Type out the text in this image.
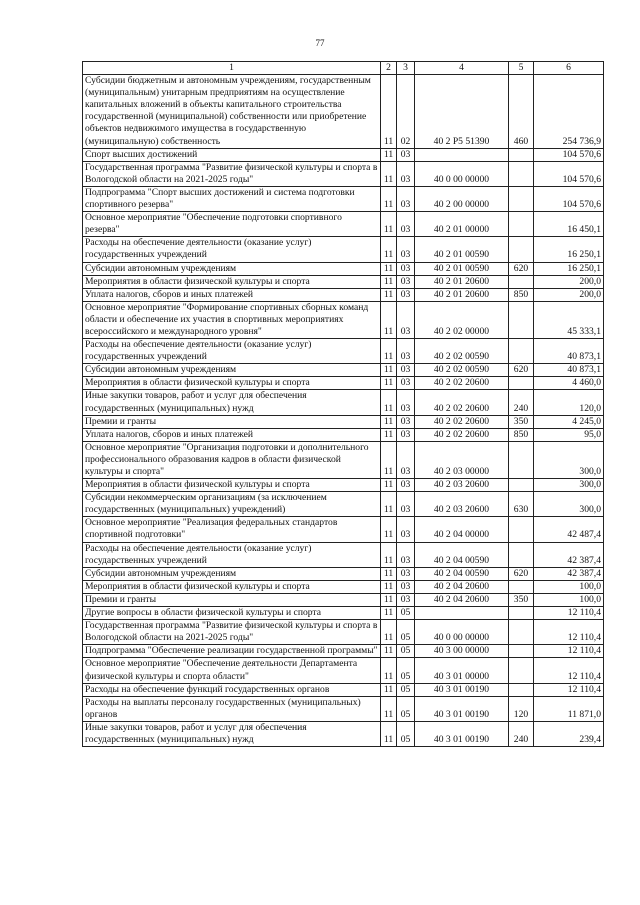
77
1	2	3	4	5	6
Субсидии бюджетным и автономным учреждениям, государственным (муниципальным) унитарным предприятиям на осуществление капитальных вложений в объекты капитального строительства государственной (муниципальной) собственности или приобретение объектов недвижимого имущества в государственную (муниципальную) собственность	11	02	40 2 Р5 51390	460	254 736,9
Спорт высших достижений	11	03			104 570,6
Государственная программа "Развитие физической культуры и спорта в Вологодской области на 2021-2025 годы"	11	03	40 0 00 00000		104 570,6
Подпрограмма "Спорт высших достижений и система подготовки спортивного резерва"	11	03	40 2 00 00000		104 570,6
Основное мероприятие "Обеспечение подготовки спортивного резерва"	11	03	40 2 01 00000		16 450,1
Расходы на обеспечение деятельности (оказание услуг) государственных учреждений	11	03	40 2 01 00590		16 250,1
Субсидии автономным учреждениям	11	03	40 2 01 00590	620	16 250,1
Мероприятия в области физической культуры и спорта	11	03	40 2 01 20600		200,0
Уплата налогов, сборов и иных платежей	11	03	40 2 01 20600	850	200,0
Основное мероприятие "Формирование спортивных сборных команд области и обеспечение их участия в спортивных мероприятиях всероссийского и международного уровня"	11	03	40 2 02 00000		45 333,1
Расходы на обеспечение деятельности (оказание услуг) государственных учреждений	11	03	40 2 02 00590		40 873,1
Субсидии автономным учреждениям	11	03	40 2 02 00590	620	40 873,1
Мероприятия в области физической культуры и спорта	11	03	40 2 02 20600		4 460,0
Иные закупки товаров, работ и услуг для обеспечения государственных (муниципальных) нужд	11	03	40 2 02 20600	240	120,0
Премии и гранты	11	03	40 2 02 20600	350	4 245,0
Уплата налогов, сборов и иных платежей	11	03	40 2 02 20600	850	95,0
Основное мероприятие "Организация подготовки и дополнительного профессионального образования кадров в области физической культуры и спорта"	11	03	40 2 03 00000		300,0
Мероприятия в области физической культуры и спорта	11	03	40 2 03 20600		300,0
Субсидии некоммерческим организациям (за исключением государственных (муниципальных) учреждений)	11	03	40 2 03 20600	630	300,0
Основное мероприятие "Реализация федеральных стандартов спортивной подготовки"	11	03	40 2 04 00000		42 487,4
Расходы на обеспечение деятельности (оказание услуг) государственных учреждений	11	03	40 2 04 00590		42 387,4
Субсидии автономным учреждениям	11	03	40 2 04 00590	620	42 387,4
Мероприятия в области физической культуры и спорта	11	03	40 2 04 20600		100,0
Премии и гранты	11	03	40 2 04 20600	350	100,0
Другие вопросы в области физической культуры и спорта	11	05			12 110,4
Государственная программа "Развитие физической культуры и спорта в Вологодской области на 2021-2025 годы"	11	05	40 0 00 00000		12 110,4
Подпрограмма "Обеспечение реализации государственной программы"	11	05	40 3 00 00000		12 110,4
Основное мероприятие "Обеспечение деятельности Департамента физической культуры и спорта области"	11	05	40 3 01 00000		12 110,4
Расходы на обеспечение функций государственных органов	11	05	40 3 01 00190		12 110,4
Расходы на выплаты персоналу государственных (муниципальных) органов	11	05	40 3 01 00190	120	11 871,0
Иные закупки товаров, работ и услуг для обеспечения государственных (муниципальных) нужд	11	05	40 3 01 00190	240	239,4
